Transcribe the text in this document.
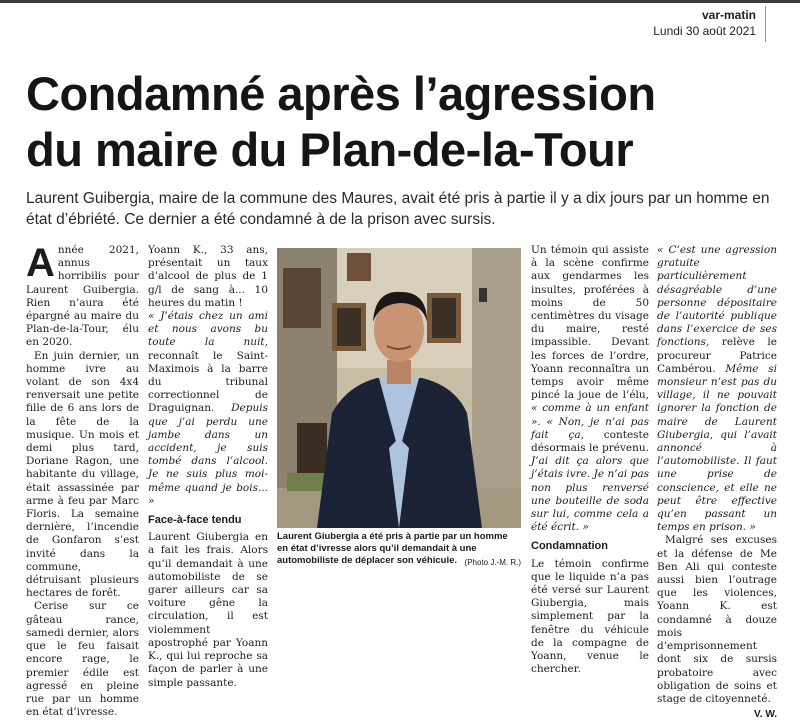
var-matin
Lundi 30 août 2021
Condamné après l’agression
du maire du Plan-de-la-Tour

Laurent Guibergia, maire de la commune des Maures, avait été pris à partie il y a dix jours par un homme en état d’ébriété. Ce dernier a été condamné à de la prison avec sursis.

A nnée 2021, annus horribilis pour Laurent Guibergia. Rien n’aura été épargné au maire du Plan-de-la-Tour, élu en 2020.

En juin dernier, un homme ivre au volant de son 4x4 renversait une petite fille de 6 ans lors de la fête de la musique. Un mois et demi plus tard, Doriane Ragon, une habitante du village, était assassinée par arme à feu par Marc Floris. La semaine dernière, l’incendie de Gonfaron s’est invité dans la commune, détruisant plusieurs hectares de forêt.

Cerise sur ce gâteau rance, samedi dernier, alors que le feu faisait encore rage, le premier édile est agressé en pleine rue par un homme en état d’ivresse.

Yoann K., 33 ans, présentait un taux d’alcool de plus de 1 g/l de sang à... 10 heures du matin !

« J’étais chez un ami et nous avons bu toute la nuit, reconnaît le Saint-Maximois à la barre du tribunal correctionnel de Draguignan. Depuis que j’ai perdu une jambe dans un accident, je suis tombé dans l’alcool. Je ne suis plus moi-même quand je bois... »

Face-à-face tendu

Laurent Giubergia en a fait les frais. Alors qu’il demandait à une automobiliste de se garer ailleurs car sa voiture gêne la circulation, il est violemment apostrophé par Yoann K., qui lui reproche sa façon de parler à une simple passante.

Laurent Giubergia a été pris à partie par un homme en état d’ivresse alors qu’il demandait à une automobiliste de déplacer son véhicule. (Photo J.-M. R.)

Un témoin qui assiste à la scène confirme aux gendarmes les insultes, proférées à moins de 50 centimètres du visage du maire, resté impassible. Devant les forces de l’ordre, Yoann reconnaîtra un temps avoir même pincé la joue de l’élu, « comme à un enfant ». « Non, je n’ai pas fait ça, conteste désormais le prévenu. J’ai dit ça alors que j’étais ivre. Je n’ai pas non plus renversé une bouteille de soda sur lui, comme cela a été écrit. »

Condamnation

Le témoin confirme que le liquide n’a pas été versé sur Laurent Giubergia, mais simplement par la fenêtre du véhicule de la compagne de Yoann, venue le chercher.

« C’est une agression gratuite particulièrement désagréable d’une personne dépositaire de l’autorité publique dans l’exercice de ses fonctions, relève le procureur Patrice Cambérou. Même si monsieur n’est pas du village, il ne pouvait ignorer la fonction de maire de Laurent Giubergia, qui l’avait annoncé à l’automobiliste. Il faut une prise de conscience, et elle ne peut être effective qu’en passant un temps en prison. »

Malgré ses excuses et la défense de Me Ben Ali qui conteste aussi bien l’outrage que les violences, Yoann K. est condamné à douze mois d’emprisonnement dont six de sursis probatoire avec obligation de soins et stage de citoyenneté.

V. W.
